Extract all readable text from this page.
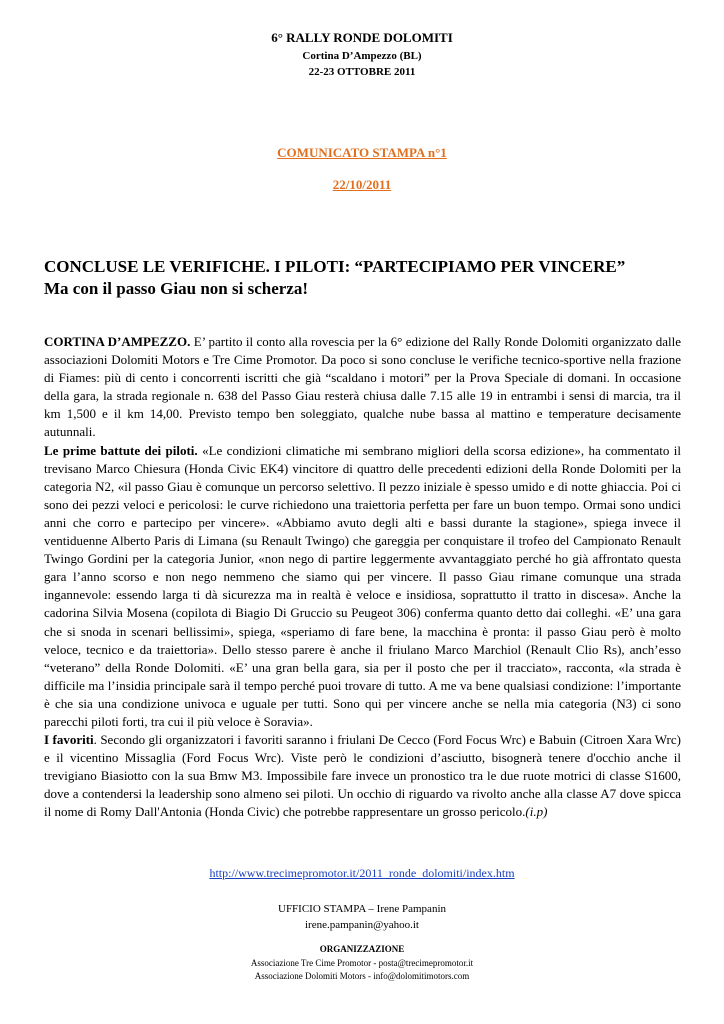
6° RALLY RONDE DOLOMITI
Cortina D’Ampezzo (BL)
22-23 OTTOBRE 2011
COMUNICATO STAMPA n°1
22/10/2011
CONCLUSE LE VERIFICHE. I PILOTI: “PARTECIPIAMO PER VINCERE”
Ma con il passo Giau non si scherza!

CORTINA D’AMPEZZO. E’ partito il conto alla rovescia per la 6° edizione del Rally Ronde Dolomiti organizzato dalle associazioni Dolomiti Motors e Tre Cime Promotor. Da poco si sono concluse le verifiche tecnico-sportive nella frazione di Fiames: più di cento i concorrenti iscritti che già “scaldano i motori” per la Prova Speciale di domani. In occasione della gara, la strada regionale n. 638 del Passo Giau resterà chiusa dalle 7.15 alle 19 in entrambi i sensi di marcia, tra il km 1,500 e il km 14,00. Previsto tempo ben soleggiato, qualche nube bassa al mattino e temperature decisamente autunnali.

Le prime battute dei piloti. «Le condizioni climatiche mi sembrano migliori della scorsa edizione», ha commentato il trevisano Marco Chiesura (Honda Civic EK4) vincitore di quattro delle precedenti edizioni della Ronde Dolomiti per la categoria N2, «il passo Giau è comunque un percorso selettivo. Il pezzo iniziale è spesso umido e di notte ghiaccia. Poi ci sono dei pezzi veloci e pericolosi: le curve richiedono una traiettoria perfetta per fare un buon tempo. Ormai sono undici anni che corro e partecipo per vincere». «Abbiamo avuto degli alti e bassi durante la stagione», spiega invece il ventiduenne Alberto Paris di Limana (su Renault Twingo) che gareggia per conquistare il trofeo del Campionato Renault Twingo Gordini per la categoria Junior, «non nego di partire leggermente avvantaggiato perché ho già affrontato questa gara l’anno scorso e non nego nemmeno che siamo qui per vincere. Il passo Giau rimane comunque una strada ingannevole: essendo larga ti dà sicurezza ma in realtà è veloce e insidiosa, soprattutto il tratto in discesa». Anche la cadorina Silvia Mosena (copilota di Biagio Di Gruccio su Peugeot 306) conferma quanto detto dai colleghi. «E’ una gara che si snoda in scenari bellissimi», spiega, «speriamo di fare bene, la macchina è pronta: il passo Giau però è molto veloce, tecnico e da traiettoria». Dello stesso parere è anche il friulano Marco Marchiol (Renault Clio Rs), anch’esso “veterano” della Ronde Dolomiti. «E’ una gran bella gara, sia per il posto che per il tracciato», racconta, «la strada è difficile ma l’insidia principale sarà il tempo perché puoi trovare di tutto. A me va bene qualsiasi condizione: l’importante è che sia una condizione univoca e uguale per tutti. Sono qui per vincere anche se nella mia categoria (N3) ci sono parecchi piloti forti, tra cui il più veloce è Soravia».

I favoriti. Secondo gli organizzatori i favoriti saranno i friulani De Cecco (Ford Focus Wrc) e Babuin (Citroen Xara Wrc) e il vicentino Missaglia (Ford Focus Wrc). Viste però le condizioni d’asciutto, bisognerà tenere d'occhio anche il trevigiano Biasiotto con la sua Bmw M3. Impossibile fare invece un pronostico tra le due ruote motrici di classe S1600, dove a contendersi la leadership sono almeno sei piloti. Un occhio di riguardo va rivolto anche alla classe A7 dove spicca il nome di Romy Dall'Antonia (Honda Civic) che potrebbe rappresentare un grosso pericolo.(i.p)

http://www.trecimepromotor.it/2011_ronde_dolomiti/index.htm
UFFICIO STAMPA – Irene Pampanin
irene.pampanin@yahoo.it
ORGANIZZAZIONE
Associazione Tre Cime Promotor - posta@trecimepromotor.it
Associazione Dolomiti Motors - info@dolomitimotors.com
